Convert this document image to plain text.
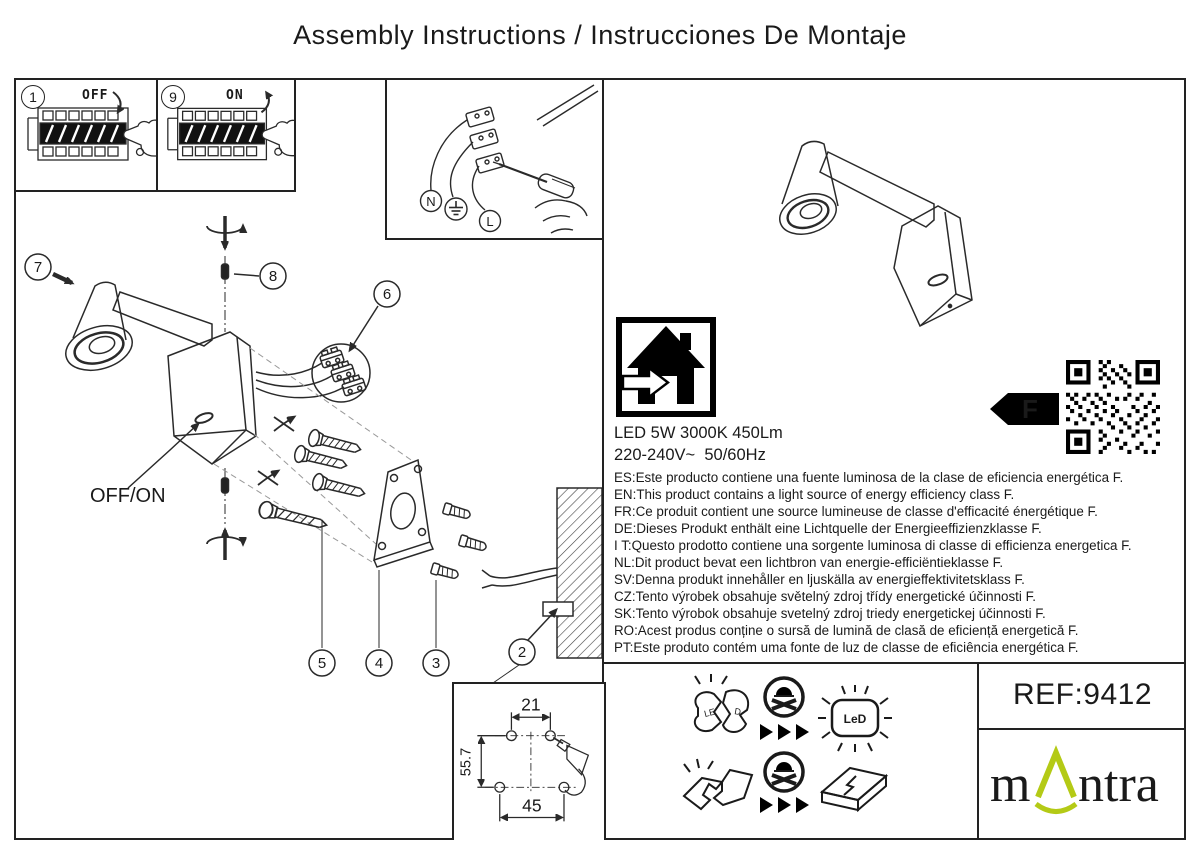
Assembly Instructions / Instrucciones De Montaje
7
8
6
5	4	3
2
OFF/ON
1	OFF	9	ON
N
L
LED 5W 3000K 450Lm
220-240V~  50/60Hz
ES:Este producto contiene una fuente luminosa de la clase de eficiencia energética F.
EN:This product contains a light source of energy efficiency class F.
FR:Ce produit contient une source lumineuse de classe d'efficacité énergétique F.
DE:Dieses Produkt enthält eine Lichtquelle der Energieeffizienzklasse F.
I T:Questo prodotto contiene una sorgente luminosa di classe di efficienza energetica F.
NL:Dit product bevat een lichtbron van energie-efficiëntieklasse F.
SV:Denna produkt innehåller en ljuskälla av energieffektivitetsklass F.
CZ:Tento výrobek obsahuje světelný zdroj třídy energetické účinnosti F.
SK:Tento výrobok obsahuje svetelný zdroj triedy energetickej účinnosti F.
RO:Acest produs conține o sursă de lumină de clasă de eficiență energetică F.
PT:Este produto contém uma fonte de luz de classe de eficiência energética F.
F
LE D
LeD
REF:9412
m ntra
21
45
55.7
